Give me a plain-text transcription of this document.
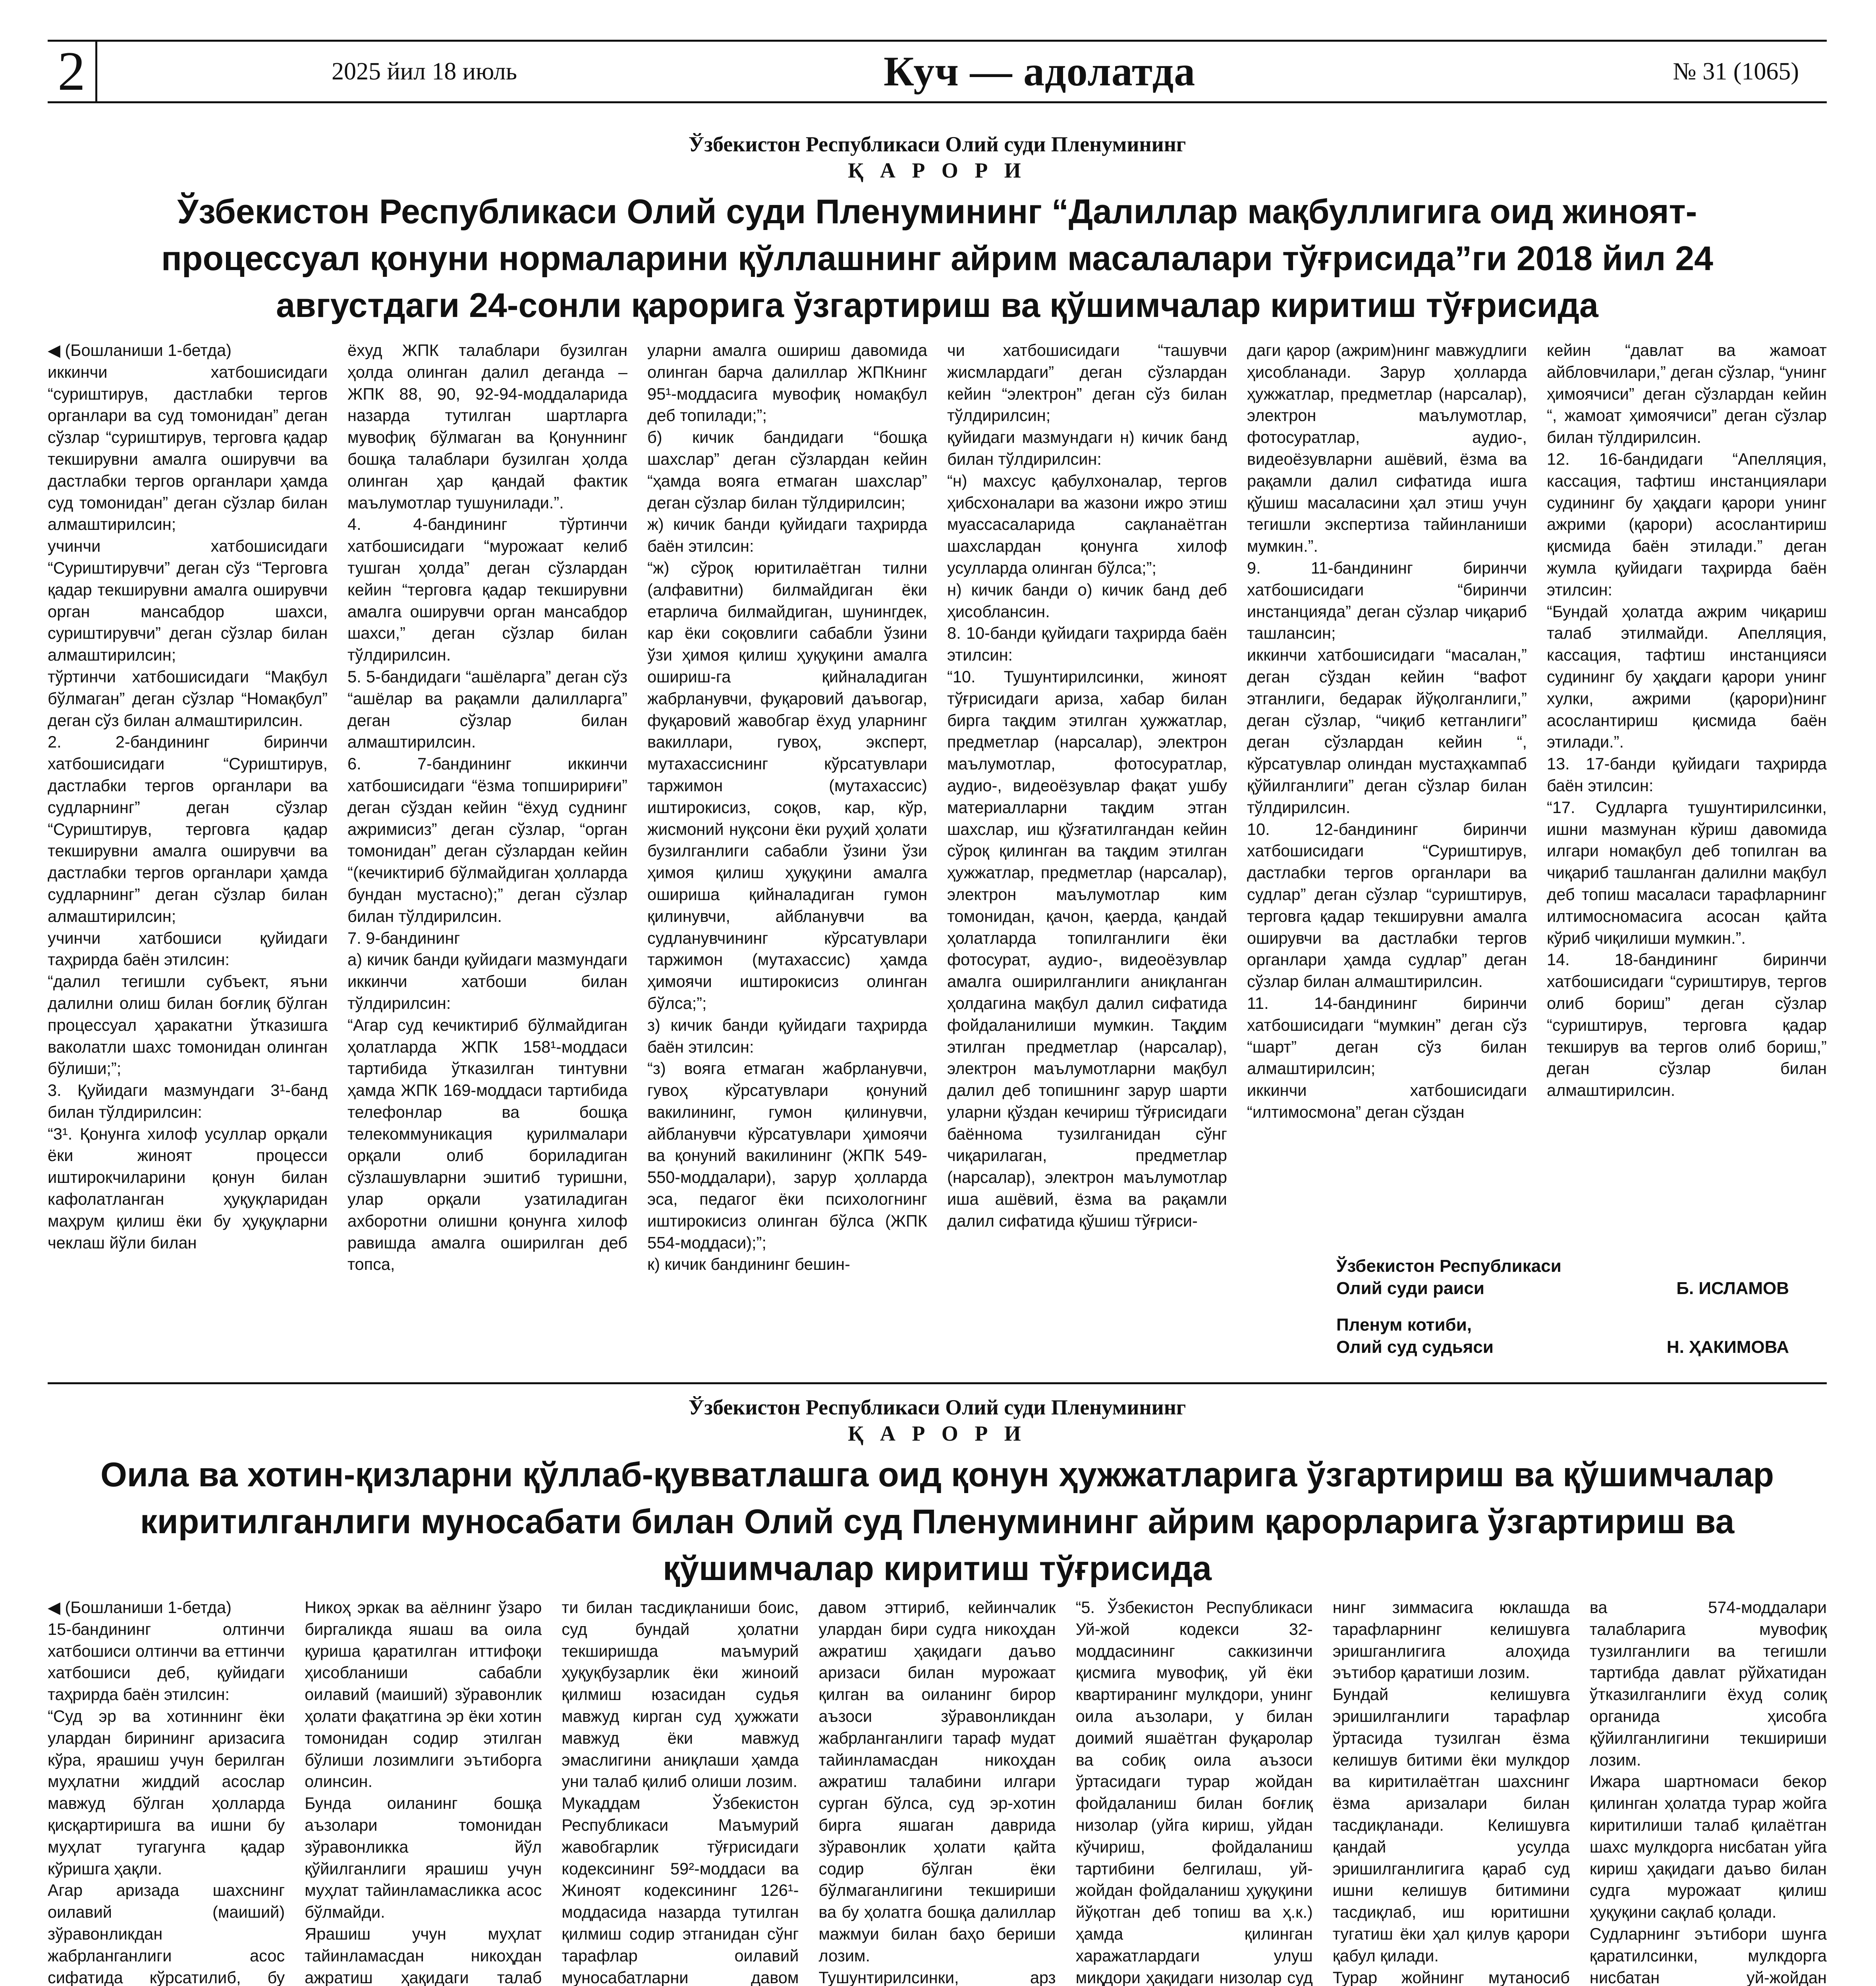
2	2025 йил 18 июль	Куч — адолатда	№ 31 (1065)
Ўзбекистон Республикаси Олий суди Пленумининг
Қ А Р О Р И
Ўзбекистон Республикаси Олий суди Пленумининг “Далиллар мақбуллигига оид жиноят-процессуал қонуни нормаларини қўллашнинг айрим масалалари тўғрисида”ги 2018 йил 24 августдаги 24-сонли қарорига ўзгартириш ва қўшимчалар киритиш тўғрисида

◀ (Бошланиши 1-бетда)

иккинчи хатбошисидаги “суриштирув, дастлабки тергов органлари ва суд томонидан” деган сўзлар “суриштирув, терговга қадар текширувни амалга оширувчи ва дастлабки тергов органлари ҳамда суд томонидан” деган сўзлар билан алмаштирилсин;

учинчи хатбошисидаги “Суриштирувчи” деган сўз “Терговга қадар текширувни амалга оширувчи орган мансабдор шахси, суриштирувчи” деган сўзлар билан алмаштирилсин;

тўртинчи хатбошисидаги “Мақбул бўлмаган” деган сўзлар “Номақбул” деган сўз билан алмаштирилсин.

2. 2-бандининг биринчи хатбошисидаги “Суриштирув, дастлабки тергов органлари ва судларнинг” деган сўзлар “Суриштирув, терговга қадар текширувни амалга оширувчи ва дастлабки тергов органлари ҳамда судларнинг” деган сўзлар билан алмаштирилсин;

учинчи хатбошиси қуйидаги таҳрирда баён этилсин:

“далил тегишли субъект, яъни далилни олиш билан боғлиқ бўлган процессуал ҳаракатни ўтказишга ваколатли шахс томонидан олинган бўлиши;”;

3. Қуйидаги мазмундаги 3¹-банд билан тўлдирилсин:

“3¹. Қонунга хилоф усуллар орқали ёки жиноят процесси иштирокчиларини қонун билан кафолатланган ҳуқуқларидан маҳрум қилиш ёки бу ҳуқуқларни чеклаш йўли билан

ёхуд ЖПК талаблари бузилган ҳолда олинган далил деганда – ЖПК 88, 90, 92-94-моддаларида назарда тутилган шартларга мувофиқ бўлмаган ва Қонуннинг бошқа талаблари бузилган ҳолда олинган ҳар қандай фактик маълумотлар тушунилади.”.

4. 4-бандининг тўртинчи хатбошисидаги “мурожаат келиб тушган ҳолда” деган сўзлардан кейин “терговга қадар текширувни амалга оширувчи орган мансабдор шахси,” деган сўзлар билан тўлдирилсин.

5. 5-бандидаги “ашёларга” деган сўз “ашёлар ва рақамли далилларга” деган сўзлар билан алмаштирилсин.

6. 7-бандининг иккинчи хатбошисидаги “ёзма топширириғи” деган сўздан кейин “ёхуд суднинг ажримисиз” деган сўзлар, “орган томонидан” деган сўзлардан кейин “(кечиктириб бўлмайдиган ҳолларда бундан мустасно);” деган сўзлар билан тўлдирилсин.

7. 9-бандининг

а) кичик банди қуйидаги мазмундаги иккинчи хатбоши билан тўлдирилсин:

“Агар суд кечиктириб бўлмайдиган ҳолатларда ЖПК 158¹-моддаси тартибида ўтказилган тинтувни ҳамда ЖПК 169-моддаси тартибида телефонлар ва бошқа телекоммуникация қурилмалари орқали олиб бориладиган сўзлашувларни эшитиб туришни, улар орқали узатиладиган ахборотни олишни қонунга хилоф равишда амалга оширилган деб топса,

уларни амалга ошириш давомида олинган барча далиллар ЖПКнинг 95¹-моддасига мувофиқ номақбул деб топилади;”;

б) кичик бандидаги “бошқа шахслар” деган сўзлардан кейин “ҳамда вояга етмаган шахслар” деган сўзлар билан тўлдирилсин;

ж) кичик банди қуйидаги таҳрирда баён этилсин:

“ж) сўроқ юритилаётган тилни (алфавитни) билмайдиган ёки етарлича билмайдиган, шунингдек, кар ёки соқовлиги сабабли ўзини ўзи ҳимоя қилиш ҳуқуқини амалга ошириш-га қийналадиган жабрланувчи, фуқаровий даъвогар, фуқаровий жавобгар ёхуд уларнинг вакиллари, гувоҳ, эксперт, мутахассиснинг кўрсатувлари таржимон (мутахассис) иштирокисиз, соқов, кар, кўр, жисмоний нуқсони ёки руҳий ҳолати бузилганлиги сабабли ўзини ўзи ҳимоя қилиш ҳуқуқини амалга ошириша қийналадиган гумон қилинувчи, айбланувчи ва судланувчининг кўрсатувлари таржимон (мутахассис) ҳамда ҳимоячи иштирокисиз олинган бўлса;”;

з) кичик банди қуйидаги таҳрирда баён этилсин:

“з) вояга етмаган жабрланувчи, гувоҳ кўрсатувлари қонуний вакилининг, гумон қилинувчи, айбланувчи кўрсатувлари ҳимоячи ва қонуний вакилининг (ЖПК 549-550-моддалари), зарур ҳолларда эса, педагог ёки психологнинг иштирокисиз олинган бўлса (ЖПК 554-моддаси);”;

к) кичик бандининг бешин-

чи хатбошисидаги “ташувчи жисмлардаги” деган сўзлардан кейин “электрон” деган сўз билан тўлдирилсин;

қуйидаги мазмундаги н) кичик банд билан тўлдирилсин:

“н) махсус қабулхоналар, тергов ҳибсхоналари ва жазони ижро этиш муассасаларида сақланаётган шахслардан қонунга хилоф усулларда олинган бўлса;”;

н) кичик банди о) кичик банд деб ҳисоблансин.

8. 10-банди қуйидаги таҳрирда баён этилсин:

“10. Тушунтирилсинки, жиноят тўғрисидаги ариза, хабар билан бирга тақдим этилган ҳужжатлар, предметлар (нарсалар), электрон маълумотлар, фотосуратлар, аудио-, видеоёзувлар фақат ушбу материалларни тақдим этган шахслар, иш қўзғатилгандан кейин сўроқ қилинган ва тақдим этилган ҳужжатлар, предметлар (нарсалар), электрон маълумотлар ким томонидан, қачон, қаерда, қандай ҳолатларда топилганлиги ёки фотосурат, аудио-, видеоёзувлар амалга оширилганлиги аниқланган ҳолдагина мақбул далил сифатида фойдаланилиши мумкин. Тақдим этилган предметлар (нарсалар), электрон маълумотларни мақбул далил деб топишнинг зарур шарти уларни қўздан кечириш тўғрисидаги баённома тузилганидан сўнг чиқарилаган, предметлар (нарсалар), электрон маълумотлар иша ашёвий, ёзма ва рақамли далил сифатида қўшиш тўғриси-

даги қарор (ажрим)нинг мавжудлиги ҳисобланади. Зарур ҳолларда ҳужжатлар, предметлар (нарсалар), электрон маълумотлар, фотосуратлар, аудио-, видеоёзувларни ашёвий, ёзма ва рақамли далил сифатида ишга қўшиш масаласини ҳал этиш учун тегишли экспертиза тайинланиши мумкин.”.

9. 11-бандининг биринчи хатбошисидаги “биринчи инстанцияда” деган сўзлар чиқариб ташлансин;

иккинчи хатбошисидаги “масалан,” деган сўздан кейин “вафот этганлиги, бедарак йўқолганлиги,” деган сўзлар, “чиқиб кетганлиги” деган сўзлардан кейин “, кўрсатувлар олиндан мустаҳкампаб қўйилганлиги” деган сўзлар билан тўлдирилсин.

10. 12-бандининг биринчи хатбошисидаги “Суриштирув, дастлабки тергов органлари ва судлар” деган сўзлар “суриштирув, терговга қадар текширувни амалга оширувчи ва дастлабки тергов органлари ҳамда судлар” деган сўзлар билан алмаштирилсин.

11. 14-бандининг биринчи хатбошисидаги “мумкин” деган сўз “шарт” деган сўз билан алмаштирилсин;

иккинчи хатбошисидаги “илтимосмона” деган сўздан

кейин “давлат ва жамоат айбловчилари,” деган сўзлар, “унинг ҳимоячиси” деган сўзлардан кейин “, жамоат ҳимоячиси” деган сўзлар билан тўлдирилсин.

12. 16-бандидаги “Апелляция, кассация, тафтиш инстанциялари судининг бу ҳақдаги қарори унинг ажрими (қарори) асослантириш қисмида баён этилади.” деган жумла қуйидаги таҳрирда баён этилсин:

“Бундай ҳолатда ажрим чиқариш талаб этилмайди. Апелляция, кассация, тафтиш инстанцияси судининг бу ҳақдаги қарори унинг хулки, ажрими (қарори)нинг асослантириш қисмида баён этилади.”.

13. 17-банди қуйидаги таҳрирда баён этилсин:

“17. Судларга тушунтирилсинки, ишни мазмунан кўриш давомида илгари номақбул деб топилган ва чиқариб ташланган далилни мақбул деб топиш масаласи тарафларнинг илтимосномасига асосан қайта кўриб чиқилиши мумкин.”.

14. 18-бандининг биринчи хатбошисидаги “суриштирув, тергов олиб бориш” деган сўзлар “суриштирув, терговга қадар текширув ва тергов олиб бориш,” деган сўзлар билан алмаштирилсин.

Ўзбекистон Республикаси
Олий суди раиси	Б. ИСЛАМОВ
Пленум котиби,
Олий суд судьяси	Н. ҲАКИМОВА
Ўзбекистон Республикаси Олий суди Пленумининг
Қ А Р О Р И
Оила ва хотин-қизларни қўллаб-қувватлашга оид қонун ҳужжатларига ўзгартириш ва қўшимчалар киритилганлиги муносабати билан Олий суд Пленумининг айрим қарорларига ўзгартириш ва қўшимчалар киритиш тўғрисида

◀ (Бошланиши 1-бетда)

15-бандининг олтинчи хатбошиси олтинчи ва еттинчи хатбошиси деб, қуйидаги таҳрирда баён этилсин:

“Суд эр ва хотиннинг ёки улардан бирининг аризасига кўра, ярашиш учун берилган муҳлатни жиддий асослар мавжуд бўлган ҳолларда қисқартиришга ва ишни бу муҳлат тугагунга қадар кўришга ҳақли.

Агар аризада шахснинг оилавий (маиший) зўравонликдан жабрланганлиги асос сифатида кўрсатилиб, бу

Никоҳ эркак ва аёлнинг ўзаро биргаликда яшаш ва оила қуриша қаратилган иттифоқи ҳисобланиши сабабли оилавий (маиший) зўравонлик ҳолати фақатгина эр ёки хотин томонидан содир этилган бўлиши лозимлиги эътиборга олинсин.

Бунда оиланинг бошқа аъзолари томонидан зўравонликка йўл қўйилганлиги ярашиш учун муҳлат тайинламасликка асос бўлмайди.

Ярашиш учун муҳлат тайинламасдан никоҳдан ажратиш ҳақидаги талаб

ти билан тасдиқланиши боис, суд бундай ҳолатни текширишда маъмурий ҳуқуқбузарлик ёки жиноий қилмиш юзасидан судья мавжуд кирган суд ҳужжати мавжуд ёки мавжуд эмаслигини аниқлаши ҳамда уни талаб қилиб олиши лозим.

Мукаддам Ўзбекистон Республикаси Маъмурий жавобгарлик тўғрисидаги кодексининг 59²-моддаси ва Жиноят кодексининг 126¹-моддасида назарда тутилган қилмиш содир этганидан сўнг тарафлар оилавий муносабатларни давом

давом эттириб, кейинчалик улардан бири судга никоҳдан ажратиш ҳақидаги даъво аризаси билан мурожаат қилган ва оиланинг бирор аъзоси зўравонликдан жабрланганлиги тараф мудат тайинламасдан никоҳдан ажратиш талабини илгари сурган бўлса, суд эр-хотин бирга яшаган даврида зўравонлик ҳолати қайта содир бўлган ёки бўлмаганлигини текшириши ва бу ҳолатга бошқа далиллар мажмуи билан баҳо бериши лозим.

Тушунтирилсинки, арз

“5. Ўзбекистон Республикаси Уй-жой кодекси 32-моддасининг саккизинчи қисмига мувофиқ, уй ёки квартиранинг мулкдори, унинг оила аъзолари, у билан доимий яшаётган фуқаролар ва собиқ оила аъзоси ўртасидаги турар жойдан фойдаланиш билан боғлиқ низолар (уйга кириш, уйдан кўчириш, фойдаланиш тартибини белгилаш, уй-жойдан фойдаланиш ҳуқуқини йўқотган деб топиш ва ҳ.к.) ҳамда қилинган харажатлардаги улуш миқдори ҳақидаги низолар суд

нинг зиммасига юклашда тарафларнинг келишувга эришганлигига алоҳида эътибор қаратиши лозим.

Бундай келишувга эришилганлиги тарафлар ўртасида тузилган ёзма келишув битими ёки мулкдор ва киритилаётган шахснинг ёзма аризалари билан тасдиқланади. Келишувга қандай усулда эришилганлигига қараб суд ишни келишув битимини тасдиқлаб, иш юритишни тугатиш ёки ҳал қилув қарори қабул қилади.

Турар жойнинг мутаносиб

ва 574-моддалари талабларига мувофиқ тузилганлиги ва тегишли тартибда давлат рўйхатидан ўтказилганлиги ёхуд солиқ органида ҳисобга қўйилганлигини текшириши лозим.

Ижара шартномаси бекор қилинган ҳолатда турар жойга киритилиши талаб қилаётган шахс мулкдорга нисбатан уйга кириш ҳақидаги даъво билан судга мурожаат қилиш ҳуқуқини сақлаб қолади.

Судларнинг эътибори шунга қаратилсинки, мулкдорга нисбатан уй-жойдан
